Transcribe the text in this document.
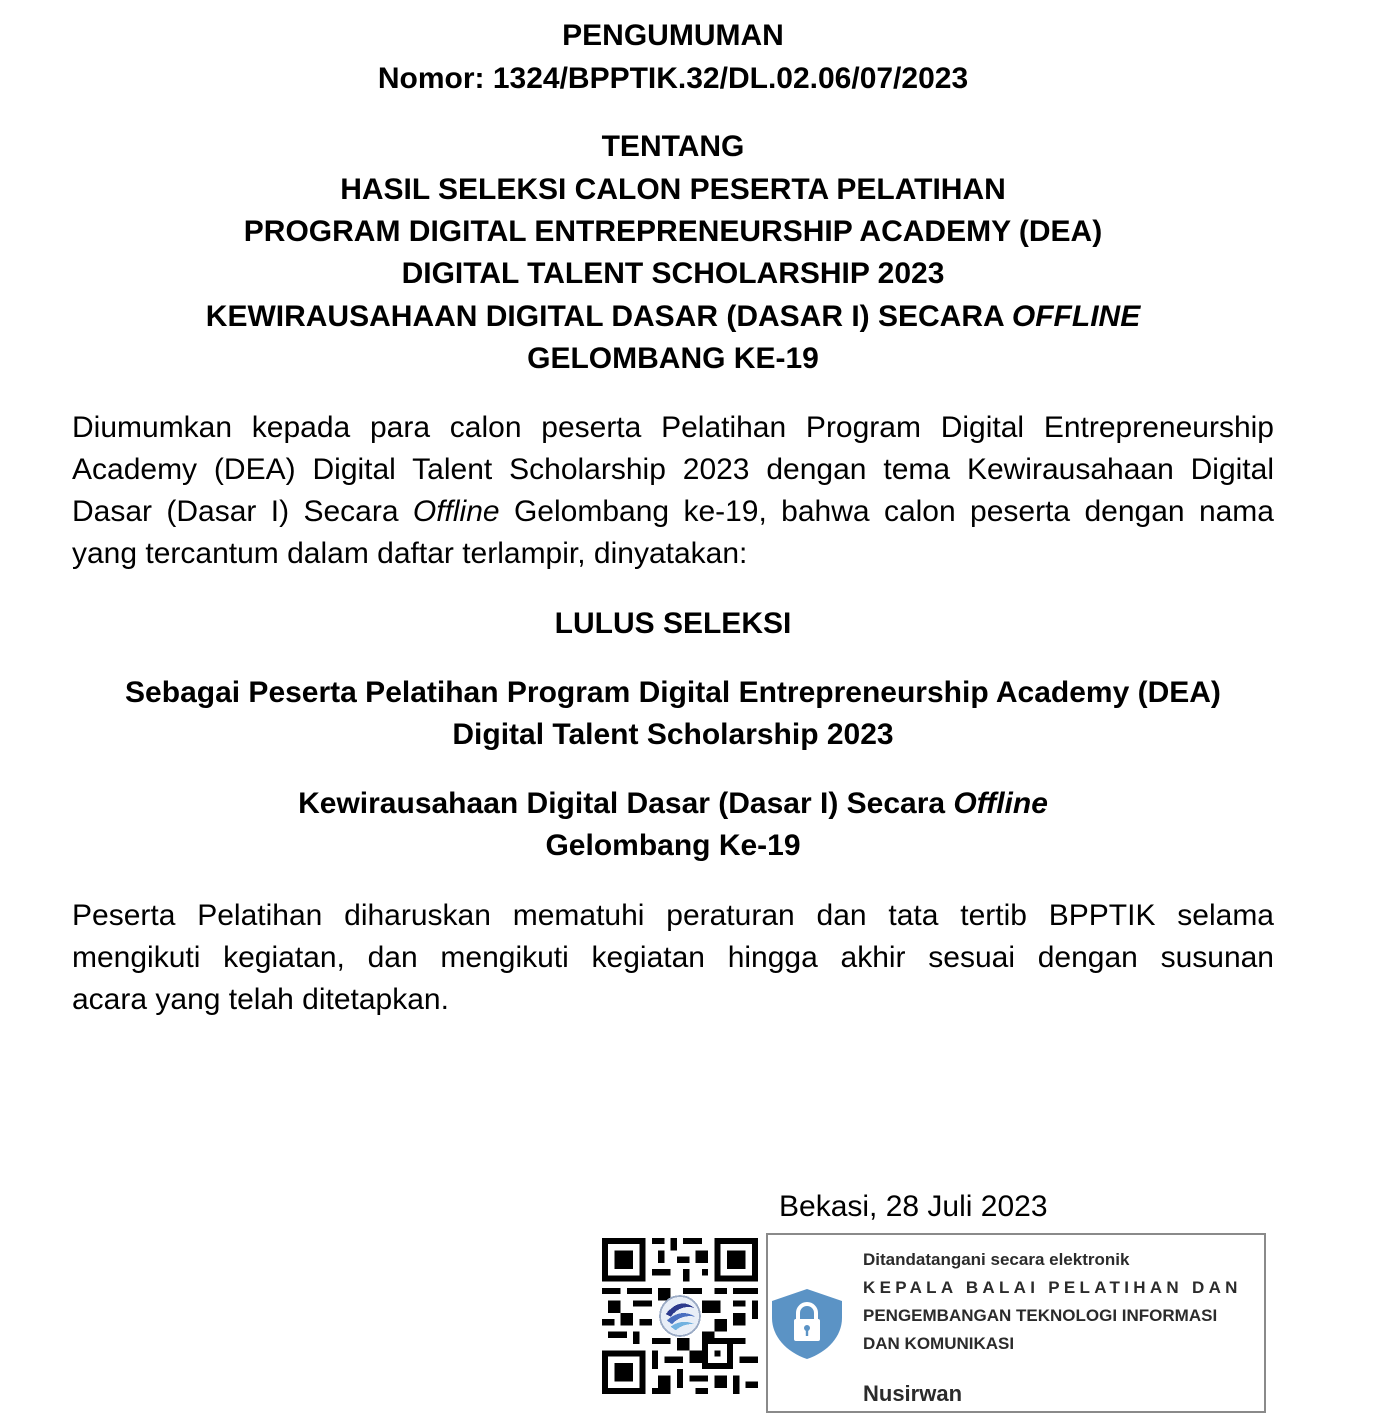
PENGUMUMAN
Nomor: 1324/BPPTIK.32/DL.02.06/07/2023
TENTANG
HASIL SELEKSI CALON PESERTA PELATIHAN
PROGRAM DIGITAL ENTREPRENEURSHIP ACADEMY (DEA)
DIGITAL TALENT SCHOLARSHIP 2023
KEWIRAUSAHAAN DIGITAL DASAR (DASAR I) SECARA OFFLINE
GELOMBANG KE-19
Diumumkan kepada para calon peserta Pelatihan Program Digital Entrepreneurship
Academy (DEA) Digital Talent Scholarship 2023 dengan tema Kewirausahaan Digital
Dasar (Dasar I) Secara Offline Gelombang ke-19, bahwa calon peserta dengan nama
yang tercantum dalam daftar terlampir, dinyatakan:
LULUS SELEKSI
Sebagai Peserta Pelatihan Program Digital Entrepreneurship Academy (DEA)
Digital Talent Scholarship 2023
Kewirausahaan Digital Dasar (Dasar I) Secara Offline
Gelombang Ke-19
Peserta Pelatihan diharuskan mematuhi peraturan dan tata tertib BPPTIK selama
mengikuti kegiatan, dan mengikuti kegiatan hingga akhir sesuai dengan susunan
acara yang telah ditetapkan.
Bekasi, 28 Juli 2023
Ditandatangani secara elektronik
KEPALA BALAI PELATIHAN DAN
PENGEMBANGAN TEKNOLOGI INFORMASI
DAN KOMUNIKASI
Nusirwan
